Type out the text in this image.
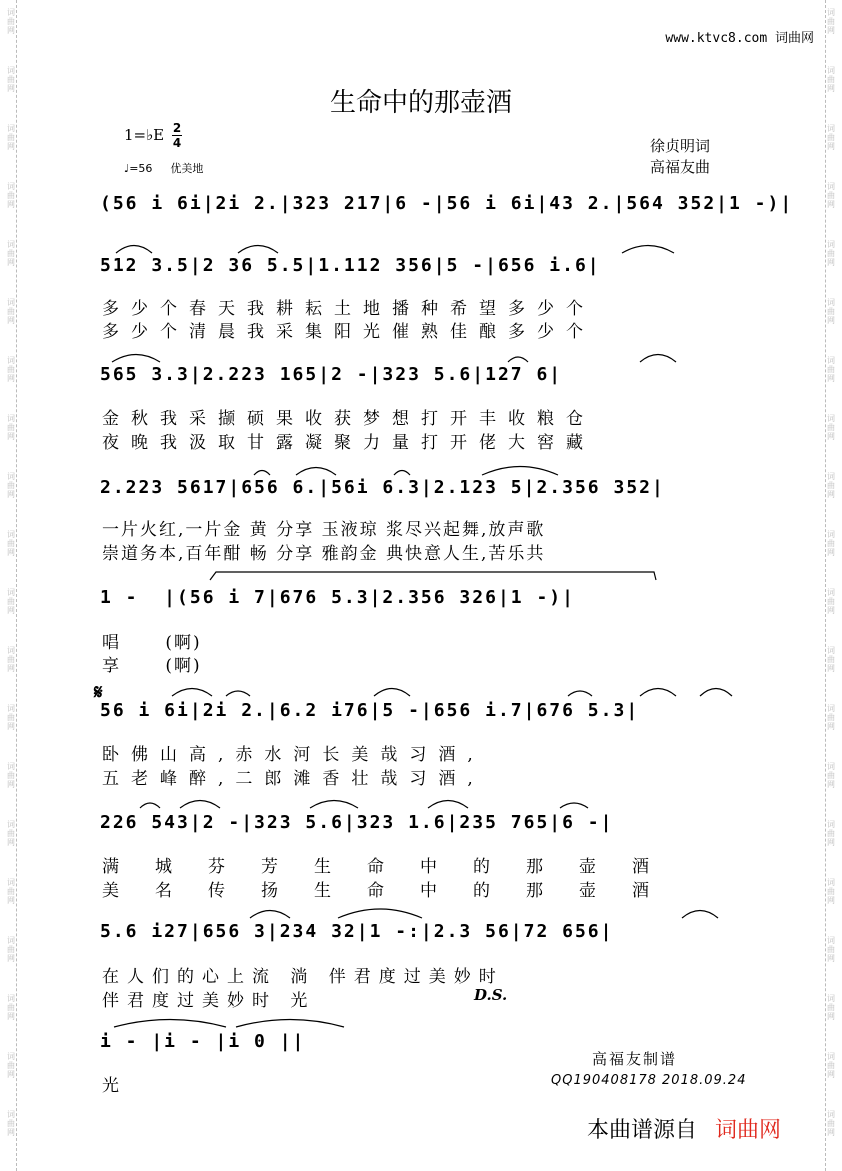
词
曲
网
词
曲
网
词
曲
网
词
曲
网
词
曲
网
词
曲
网
词
曲
网
词
曲
网
词
曲
网
词
曲
网
词
曲
网
词
曲
网
词
曲
网
词
曲
网
词
曲
网
词
曲
网
词
曲
网
词
曲
网
词
曲
网
词
曲
网
词
曲
网
词
曲
网
词
曲
网
词
曲
网
词
曲
网
词
曲
网
词
曲
网
词
曲
网
词
曲
网
词
曲
网
词
曲
网
词
曲
网
词
曲
网
词
曲
网
词
曲
网
词
曲
网
词
曲
网
词
曲
网
词
曲
网
词
曲
网
www.ktvc8.com 词曲网
生命中的那壶酒
1=♭E 2
4
♩=56 优美地
徐贞明词
高福友曲
(56 i 6i|2i 2.|323 217|6 -|56 i 6i|43 2.|564 352|1 -)|
512 3.5|2 36 5.5|1.112 356|5 -|656 i.6|
多少个春天我耕耘土地播种希望多少个
多少个清晨我采集阳光催熟佳酿多少个
565 3.3|2.223 165|2 -|323 5.6|127 6|
金秋我采撷硕果收获梦想打开丰收粮仓
夜晚我汲取甘露凝聚力量打开佬大窖藏
2.223 5617|656 6.|56i 6.3|2.123 5|2.356 352|
一片火红,一片金 黄 分享 玉液琼 浆尽兴起舞,放声歌
崇道务本,百年酣 畅 分享 雅韵金 典快意人生,苦乐共
1 -  |(56 i 7|676 5.3|2.356 326|1 -)|
唱      (啊)
享      (啊)
𝄋
56 i 6i|2i 2.|6.2 i76|5 -|656 i.7|676 5.3|
卧佛山高,赤水河长美哉习酒,
五老峰醉,二郎滩香壮哉习酒,
226 543|2 -|323 5.6|323 1.6|235 765|6 -|
满城芬芳生命中的那壶酒
美名传扬生命中的那壶酒
5.6 i27|656 3|234 32|1 -:|2.3 56|72 656|
在人们的心上流 淌 伴君度过美妙时
伴君度过美妙时 光	D.S.
i - |i - |i 0 ||
光
高福友制谱
QQ190408178 2018.09.24
本曲谱源自 词曲网
